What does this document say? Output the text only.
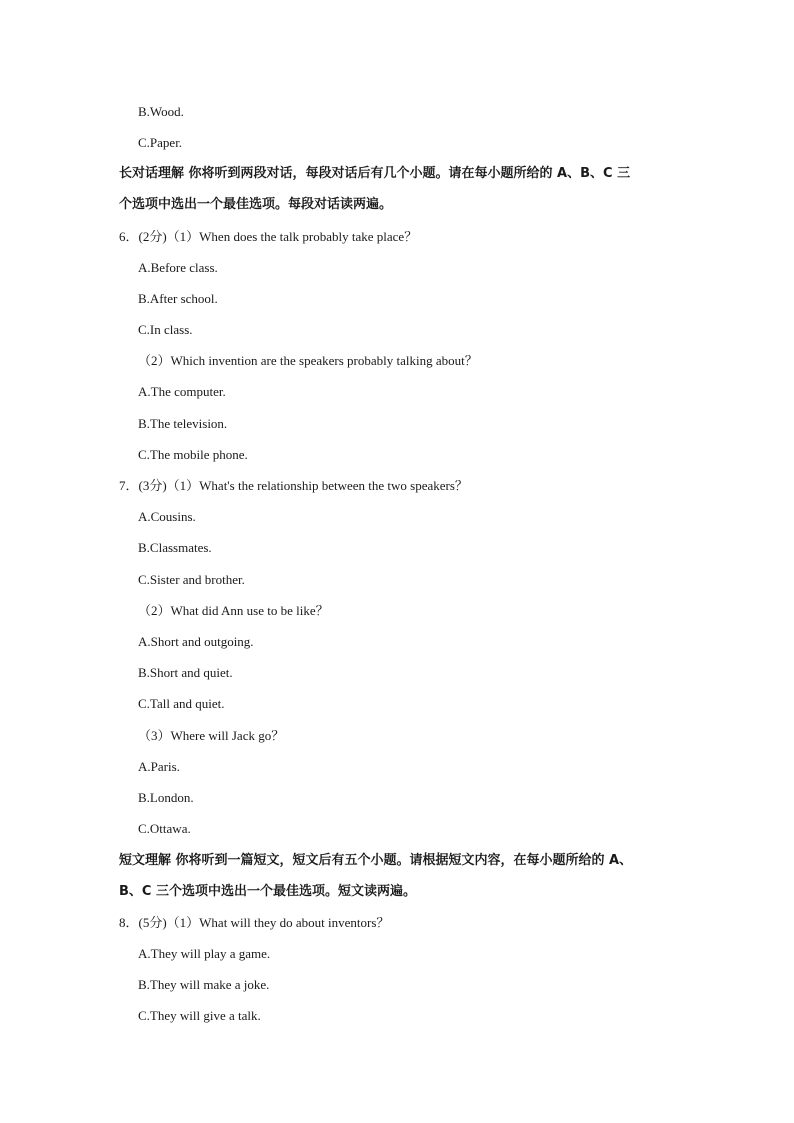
B.Wood.
C.Paper.
长对话理解 你将听到两段对话，每段对话后有几个小题。请在每小题所给的 A、B、C 三
个选项中选出一个最佳选项。每段对话读两遍。
6．(2分)（1）When does the talk probably take place？
A.Before class.
B.After school.
C.In class.
（2）Which invention are the speakers probably talking about？
A.The computer.
B.The television.
C.The mobile phone.
7．(3分)（1）What's the relationship between the two speakers？
A.Cousins.
B.Classmates.
C.Sister and brother.
（2）What did Ann use to be like？
A.Short and outgoing.
B.Short and quiet.
C.Tall and quiet.
（3）Where will Jack go？
A.Paris.
B.London.
C.Ottawa.
短文理解 你将听到一篇短文，短文后有五个小题。请根据短文内容，在每小题所给的 A、
B、C 三个选项中选出一个最佳选项。短文读两遍。
8．(5分)（1）What will they do about inventors？
A.They will play a game.
B.They will make a joke.
C.They will give a talk.
